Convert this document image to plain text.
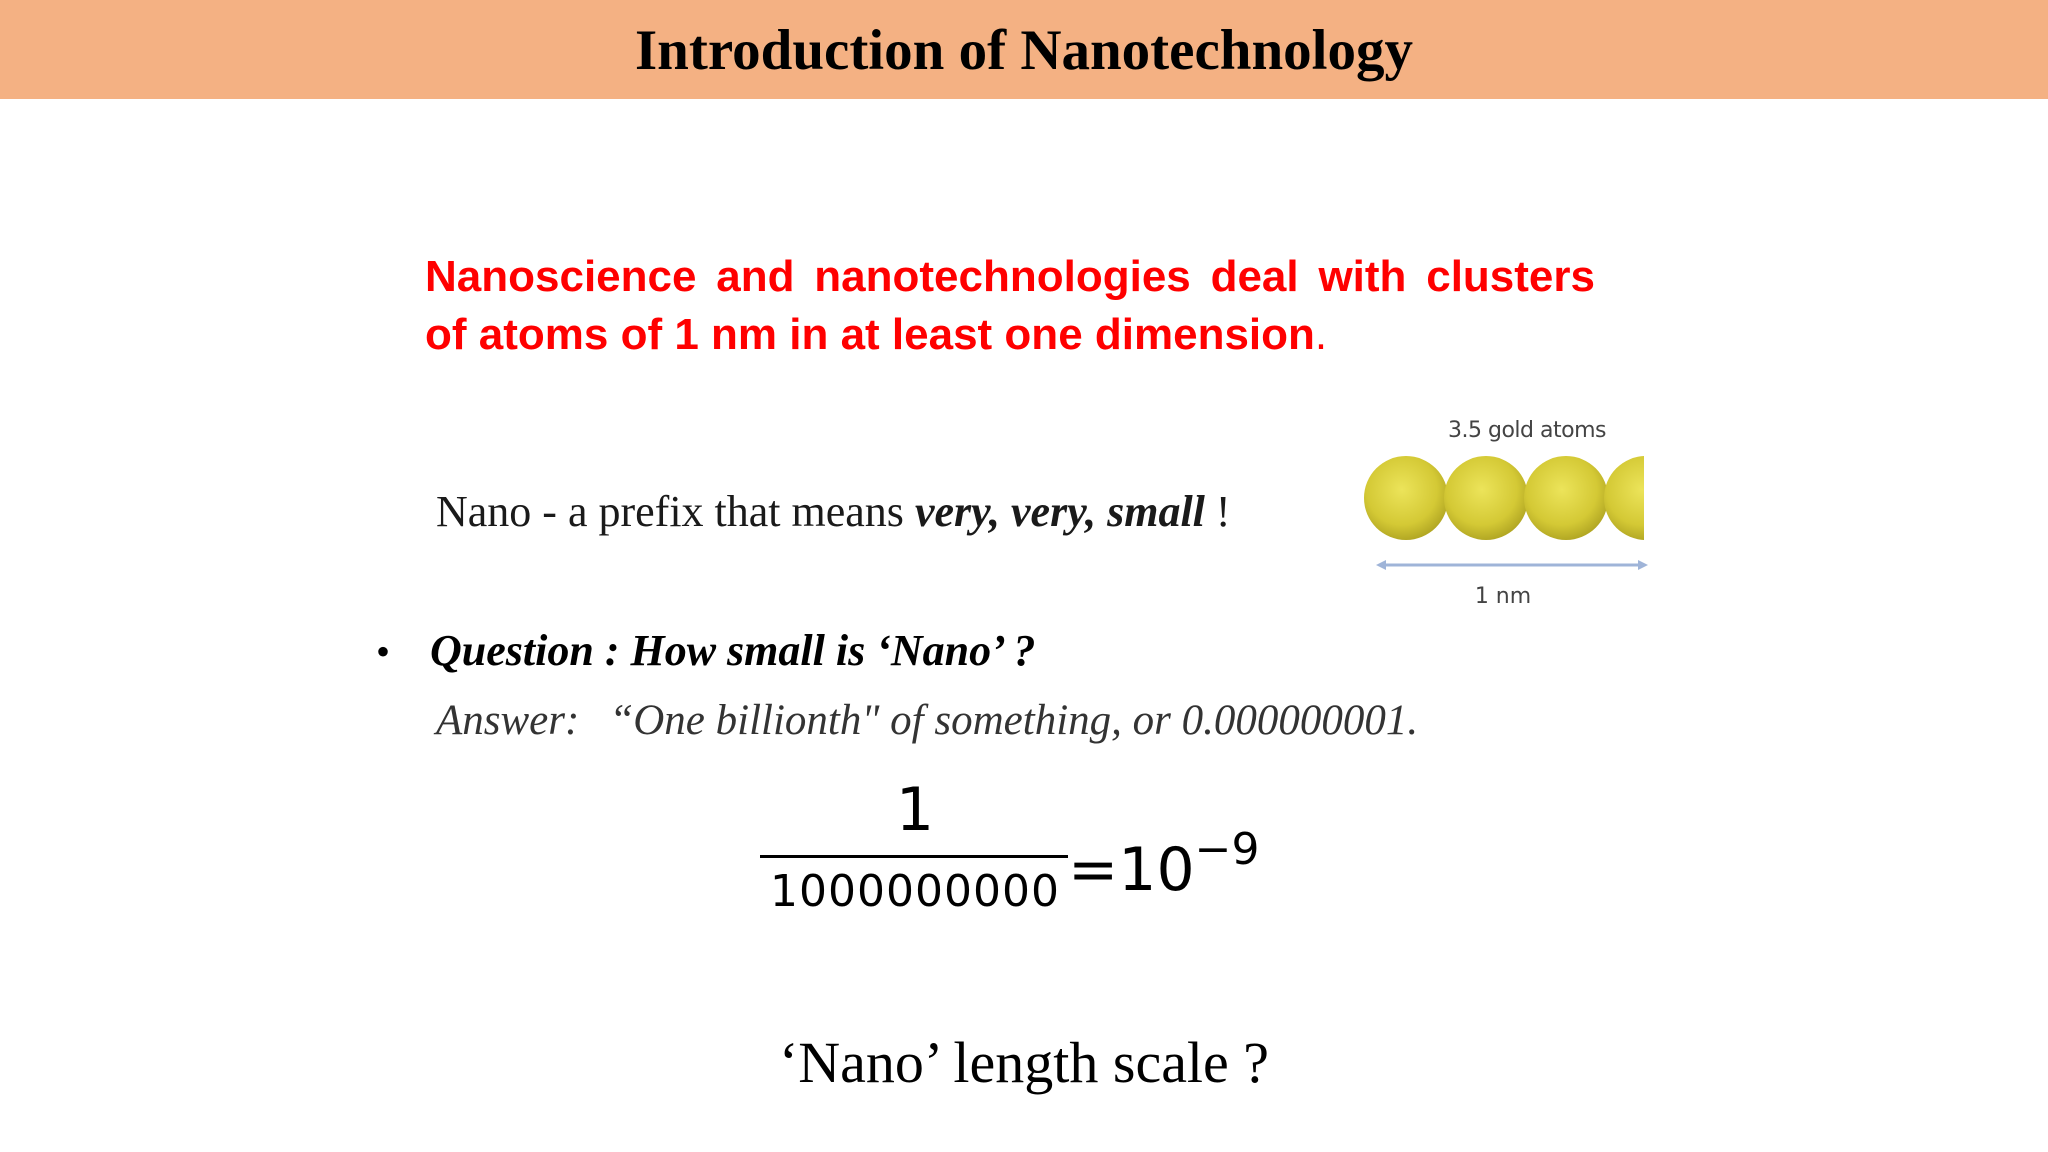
Introduction of Nanotechnology
Nanoscience and nanotechnologies deal with clusters of atoms of 1 nm in at least one dimension.
Nano - a prefix that means very, very, small !
3.5 gold atoms
1 nm
• Question : How small is ‘Nano’ ?
Answer: “One billionth" of something, or 0.000000001.
1
$1000000000 =10^{-9}$
‘Nano’ length scale ?
